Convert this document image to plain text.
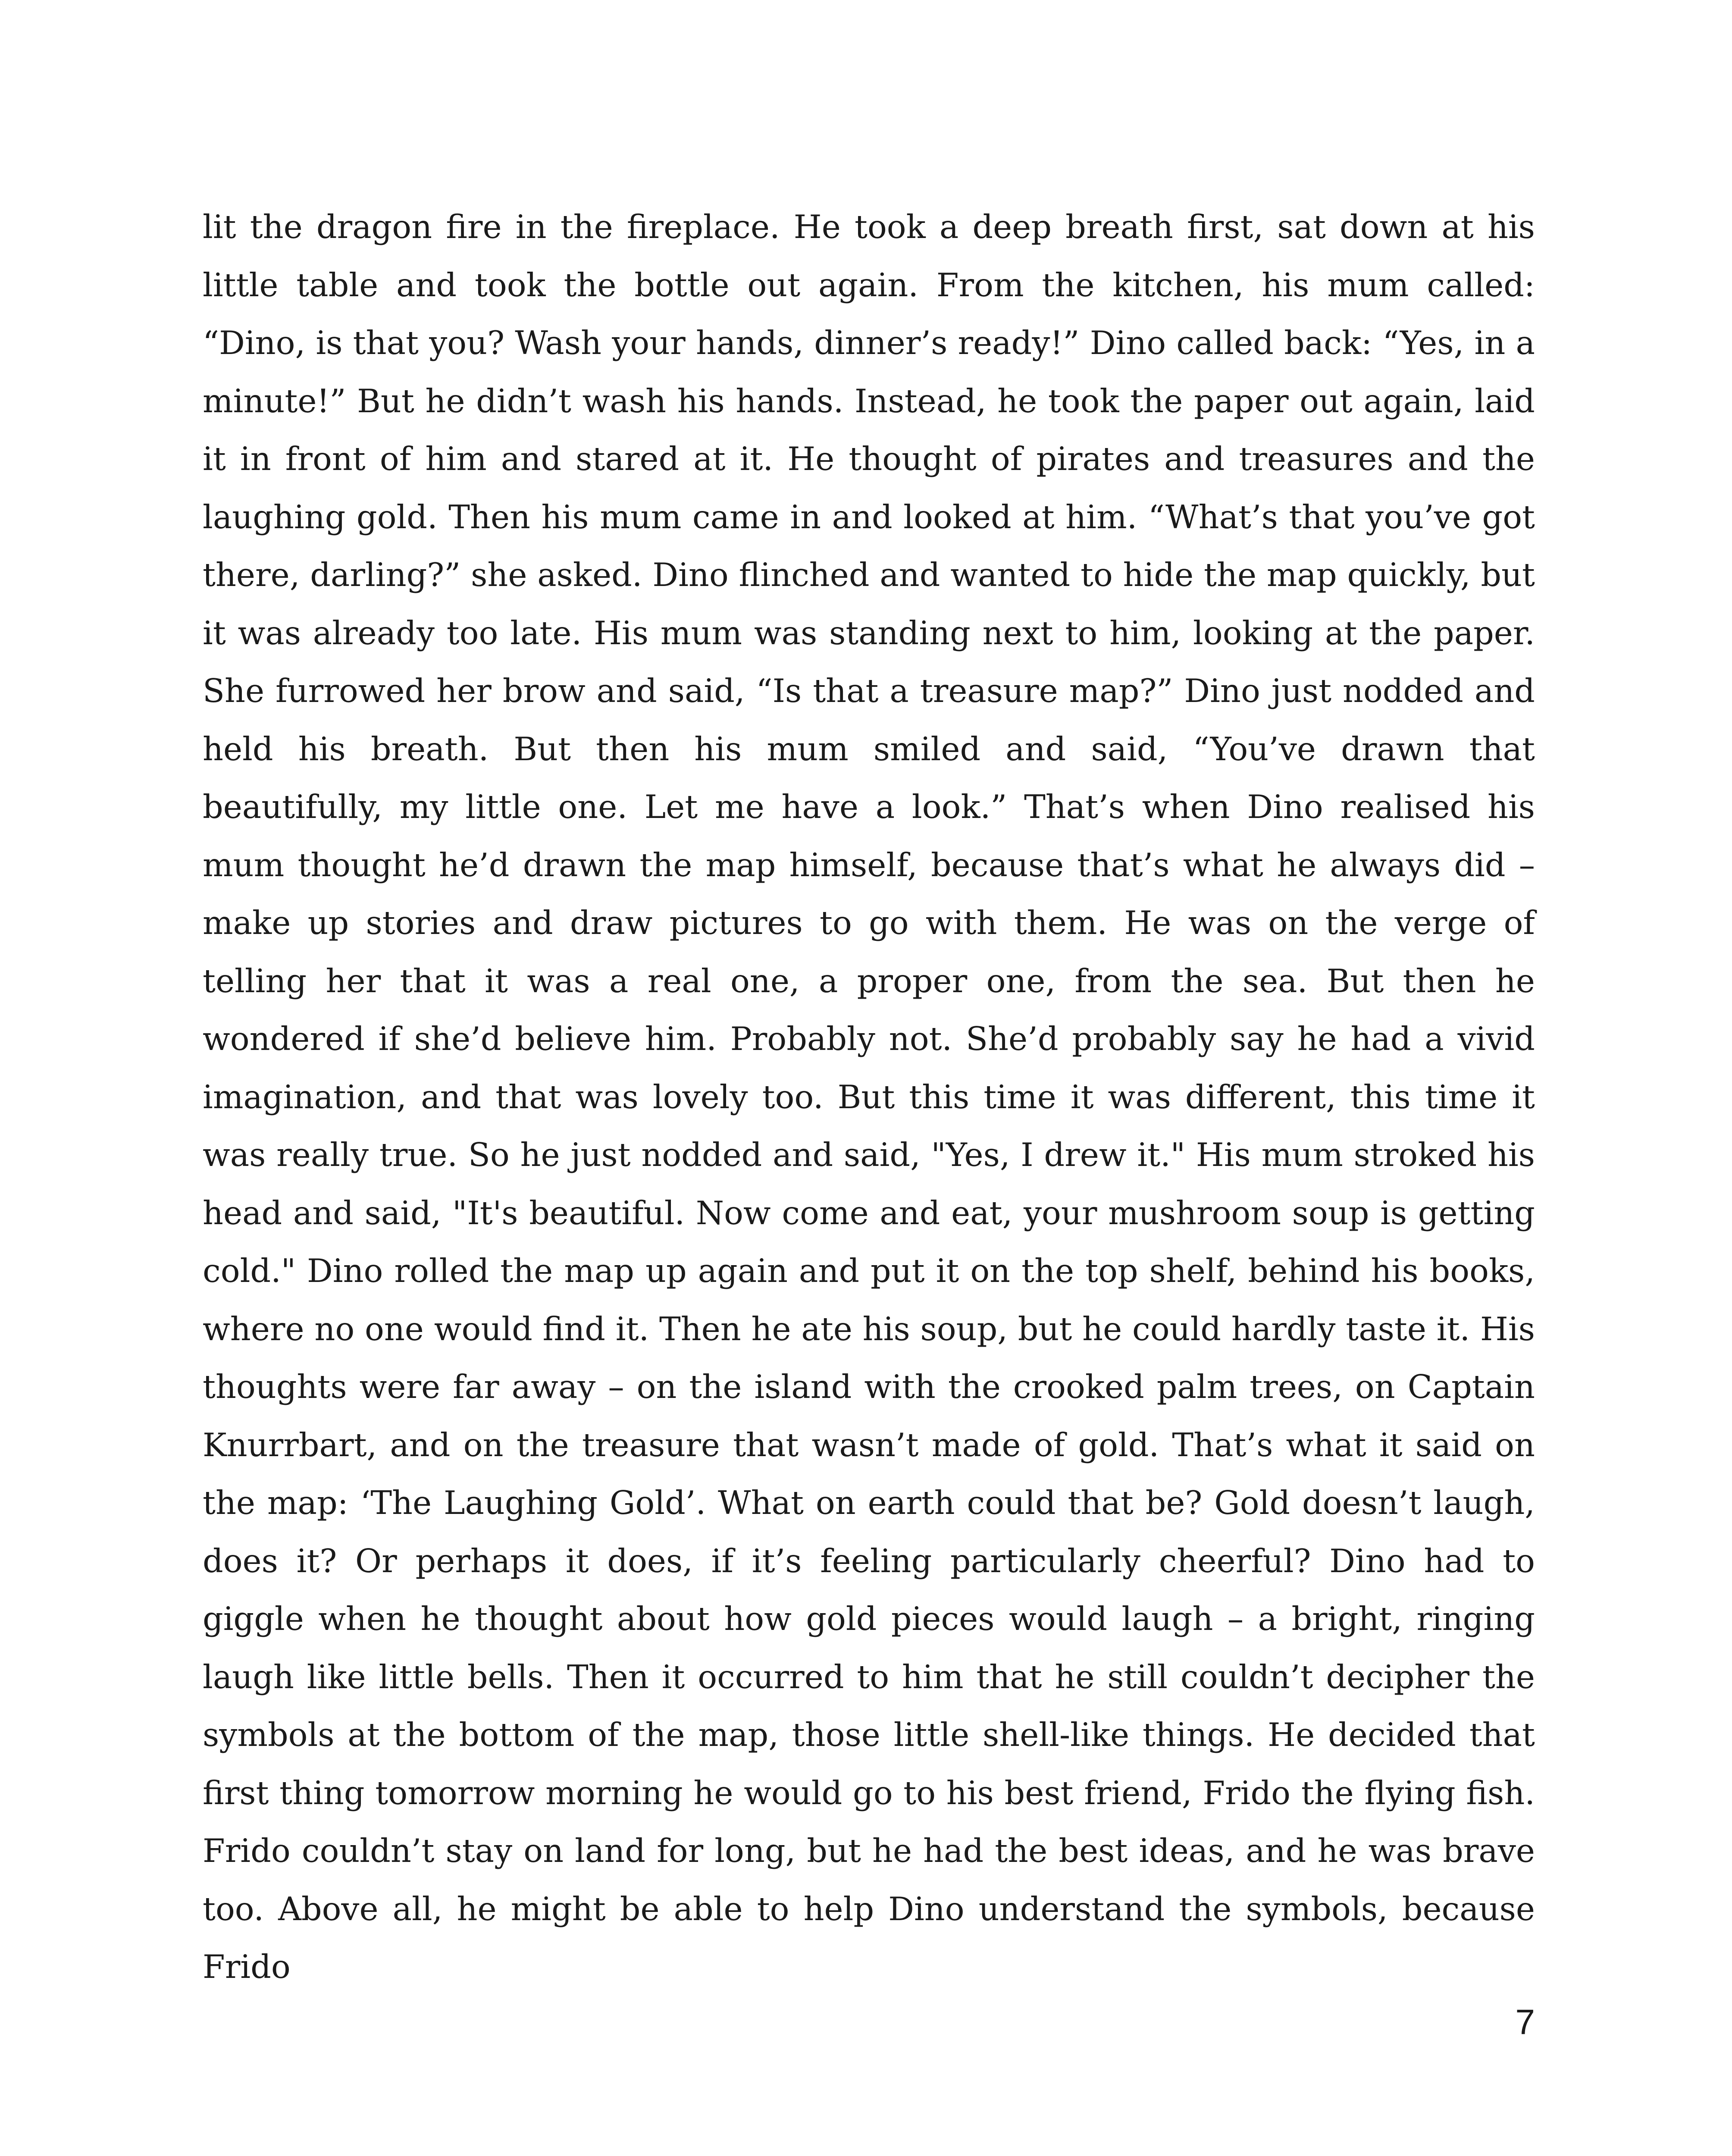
lit the dragon fire in the fireplace. He took a deep breath first, sat down at his little table and took the bottle out again. From the kitchen, his mum called: “Dino, is that you? Wash your hands, dinner’s ready!” Dino called back: “Yes, in a minute!” But he didn’t wash his hands. Instead, he took the paper out again, laid it in front of him and stared at it. He thought of pirates and treasures and the laughing gold. Then his mum came in and looked at him. “What’s that you’ve got there, darling?” she asked. Dino flinched and wanted to hide the map quickly, but it was already too late. His mum was standing next to him, looking at the paper. She furrowed her brow and said, “Is that a treasure map?” Dino just nodded and held his breath. But then his mum smiled and said, “You’ve drawn that beautifully, my little one. Let me have a look.” That’s when Dino realised his mum thought he’d drawn the map himself, because that’s what he always did – make up stories and draw pictures to go with them. He was on the verge of telling her that it was a real one, a proper one, from the sea. But then he wondered if she’d believe him. Probably not. She’d probably say he had a vivid imagination, and that was lovely too. But this time it was different, this time it was really true. So he just nodded and said, "Yes, I drew it." His mum stroked his head and said, "It's beautiful. Now come and eat, your mushroom soup is getting cold." Dino rolled the map up again and put it on the top shelf, behind his books, where no one would find it. Then he ate his soup, but he could hardly taste it. His thoughts were far away – on the island with the crooked palm trees, on Captain Knurrbart, and on the treasure that wasn’t made of gold. That’s what it said on the map: ‘The Laughing Gold’. What on earth could that be? Gold doesn’t laugh, does it? Or perhaps it does, if it’s feeling particularly cheerful? Dino had to giggle when he thought about how gold pieces would laugh – a bright, ringing laugh like little bells. Then it occurred to him that he still couldn’t decipher the symbols at the bottom of the map, those little shell-like things. He decided that first thing tomorrow morning he would go to his best friend, Frido the flying fish. Frido couldn’t stay on land for long, but he had the best ideas, and he was brave too. Above all, he might be able to help Dino understand the symbols, because Frido

7
